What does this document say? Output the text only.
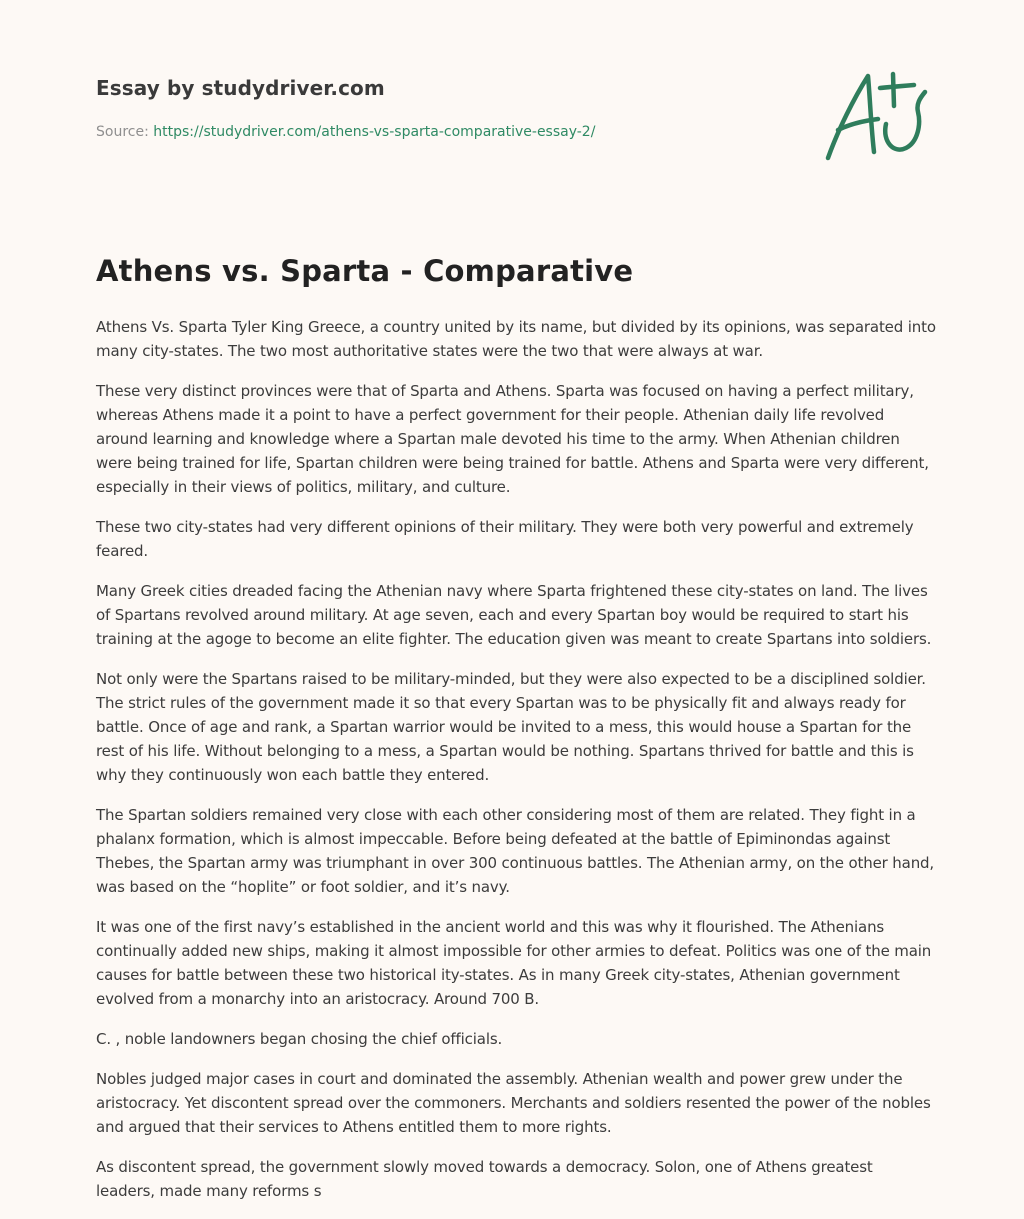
Essay by studydriver.com
Source: https://studydriver.com/athens-vs-sparta-comparative-essay-2/
Athens vs. Sparta - Comparative

Athens Vs. Sparta Tyler King Greece, a country united by its name, but divided by its opinions, was separated into many city-states. The two most authoritative states were the two that were always at war.

These very distinct provinces were that of Sparta and Athens. Sparta was focused on having a perfect military, whereas Athens made it a point to have a perfect government for their people. Athenian daily life revolved around learning and knowledge where a Spartan male devoted his time to the army. When Athenian children were being trained for life, Spartan children were being trained for battle. Athens and Sparta were very different, especially in their views of politics, military, and culture.

These two city-states had very different opinions of their military. They were both very powerful and extremely feared.

Many Greek cities dreaded facing the Athenian navy where Sparta frightened these city-states on land. The lives of Spartans revolved around military. At age seven, each and every Spartan boy would be required to start his training at the agoge to become an elite fighter. The education given was meant to create Spartans into soldiers.

Not only were the Spartans raised to be military-minded, but they were also expected to be a disciplined soldier. The strict rules of the government made it so that every Spartan was to be physically fit and always ready for battle. Once of age and rank, a Spartan warrior would be invited to a mess, this would house a Spartan for the rest of his life. Without belonging to a mess, a Spartan would be nothing. Spartans thrived for battle and this is why they continuously won each battle they entered.

The Spartan soldiers remained very close with each other considering most of them are related. They fight in a phalanx formation, which is almost impeccable. Before being defeated at the battle of Epiminondas against Thebes, the Spartan army was triumphant in over 300 continuous battles. The Athenian army, on the other hand, was based on the “hoplite” or foot soldier, and it’s navy.

It was one of the first navy’s established in the ancient world and this was why it flourished. The Athenians continually added new ships, making it almost impossible for other armies to defeat. Politics was one of the main causes for battle between these two historical ity-states. As in many Greek city-states, Athenian government evolved from a monarchy into an aristocracy. Around 700 B.

C. , noble landowners began chosing the chief officials.

Nobles judged major cases in court and dominated the assembly. Athenian wealth and power grew under the aristocracy. Yet discontent spread over the commoners. Merchants and soldiers resented the power of the nobles and argued that their services to Athens entitled them to more rights.

As discontent spread, the government slowly moved towards a democracy. Solon, one of Athens greatest leaders, made many reforms s
